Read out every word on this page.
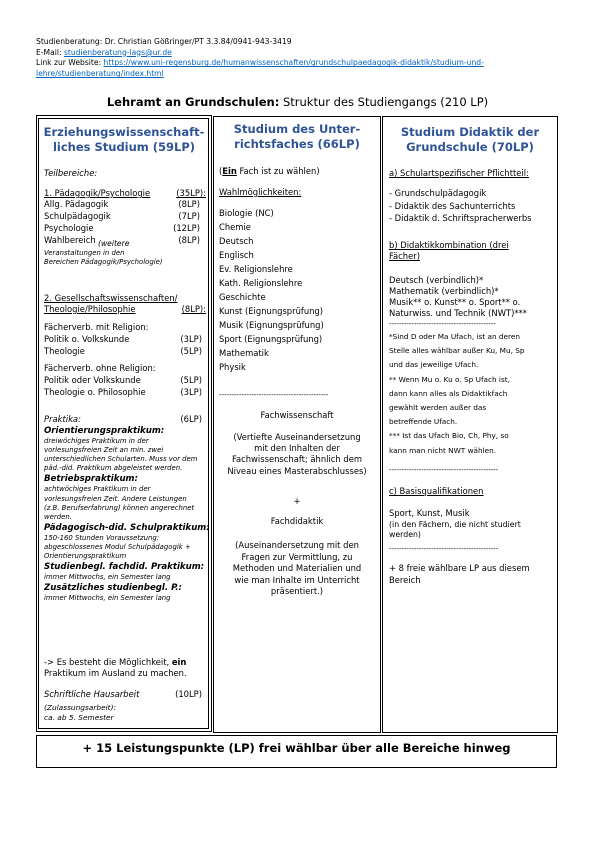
Studienberatung: Dr. Christian Gößringer/PT 3.3.84/0941-943-3419
E-Mail: studienberatung-lags@ur.de
Link zur Website: https://www.uni-regensburg.de/humanwissenschaften/grundschulpaedagogik-didaktik/studium-und-
lehre/studienberatung/index.html
Lehramt an Grundschulen: Struktur des Studiengangs (210 LP)
Erziehungswissenschaft-
liches Studium (59LP)
Teilbereiche:
1. Pädagogik/Psychologie	(35LP):
Allg. Pädagogik	(8LP)
Schulpädagogik	(7LP)
Psychologie	(12LP)
Wahlbereich	(8LP)
(weitere
Veranstaltungen in den
Bereichen Pädagogik/Psychologie)
2. Gesellschaftswissenschaften/
Theologie/Philosophie	(8LP):
Fächerverb. mit Religion:
Politik o. Volkskunde	(3LP)
Theologie	(5LP)
Fächerverb. ohne Religion:
Politik oder Volkskunde	(5LP)
Theologie o. Philosophie	(3LP)
Praktika:	(6LP)
Orientierungspraktikum:
dreiwöchiges Praktikum in der
vorlesungsfreien Zeit an min. zwei
unterschiedlichen Schularten. Muss vor dem
päd.-did. Praktikum abgeleistet werden.
Betriebspraktikum:
achtwöchiges Praktikum in der
vorlesungsfreien Zeit. Andere Leistungen
(z.B. Berufserfahrung) können angerechnet
werden.
Pädagogisch-did. Schulpraktikum:
150-160 Stunden Voraussetzung:
abgeschlossenes Modul Schulpädagogik +
Orientierungspraktikum
Studienbegl. fachdid. Praktikum:
immer Mittwochs, ein Semester lang
Zusätzliches studienbegl. P.:
immer Mittwochs, ein Semester lang
-> Es besteht die Möglichkeit, ein
Praktikum im Ausland zu machen.
Schriftliche Hausarbeit	(10LP)
(Zulassungsarbeit):
ca. ab 5. Semester
Studium des Unter-
richtsfaches (66LP)
(Ein Fach ist zu wählen)
Wahlmöglichkeiten:
Biologie (NC)
Chemie
Deutsch
Englisch
Ev. Religionslehre
Kath. Religionslehre
Geschichte
Kunst (Eignungsprüfung)
Musik (Eignungsprüfung)
Sport (Eignungsprüfung)
Mathematik
Physik
--------------------------------------------
Fachwissenschaft
(Vertiefte Auseinandersetzung
mit den Inhalten der
Fachwissenschaft; ähnlich dem
Niveau eines Masterabschlusses)
+
Fachdidaktik
(Auseinandersetzung mit den
Fragen zur Vermittlung, zu
Methoden und Materialien und
wie man Inhalte im Unterricht
präsentiert.)
Studium Didaktik der
Grundschule (70LP)
a) Schulartspezifischer Pflichtteil:
- Grundschulpädagogik
- Didaktik des Sachunterrichts
- Didaktik d. Schriftspracherwerbs
b) Didaktikkombination (drei
Fächer)
Deutsch (verbindlich)*
Mathematik (verbindlich)*
Musik** o. Kunst** o. Sport** o.
Naturwiss. und Technik (NWT)***
-------------------------------------------
*Sind D oder Ma Ufach, ist an deren
Stelle alles wählbar außer Ku, Mu, Sp
und das jeweilige Ufach.
** Wenn Mu o. Ku o. Sp Ufach ist,
dann kann alles als Didaktikfach
gewählt werden außer das
betreffende Ufach.
*** Ist das Ufach Bio, Ch, Phy, so
kann man nicht NWT wählen.
--------------------------------------------
c) Basisqualifikationen
Sport, Kunst, Musik
(in den Fächern, die nicht studiert
werden)
--------------------------------------------
+ 8 freie wählbare LP aus diesem
Bereich
+ 15 Leistungspunkte (LP) frei wählbar über alle Bereiche hinweg
